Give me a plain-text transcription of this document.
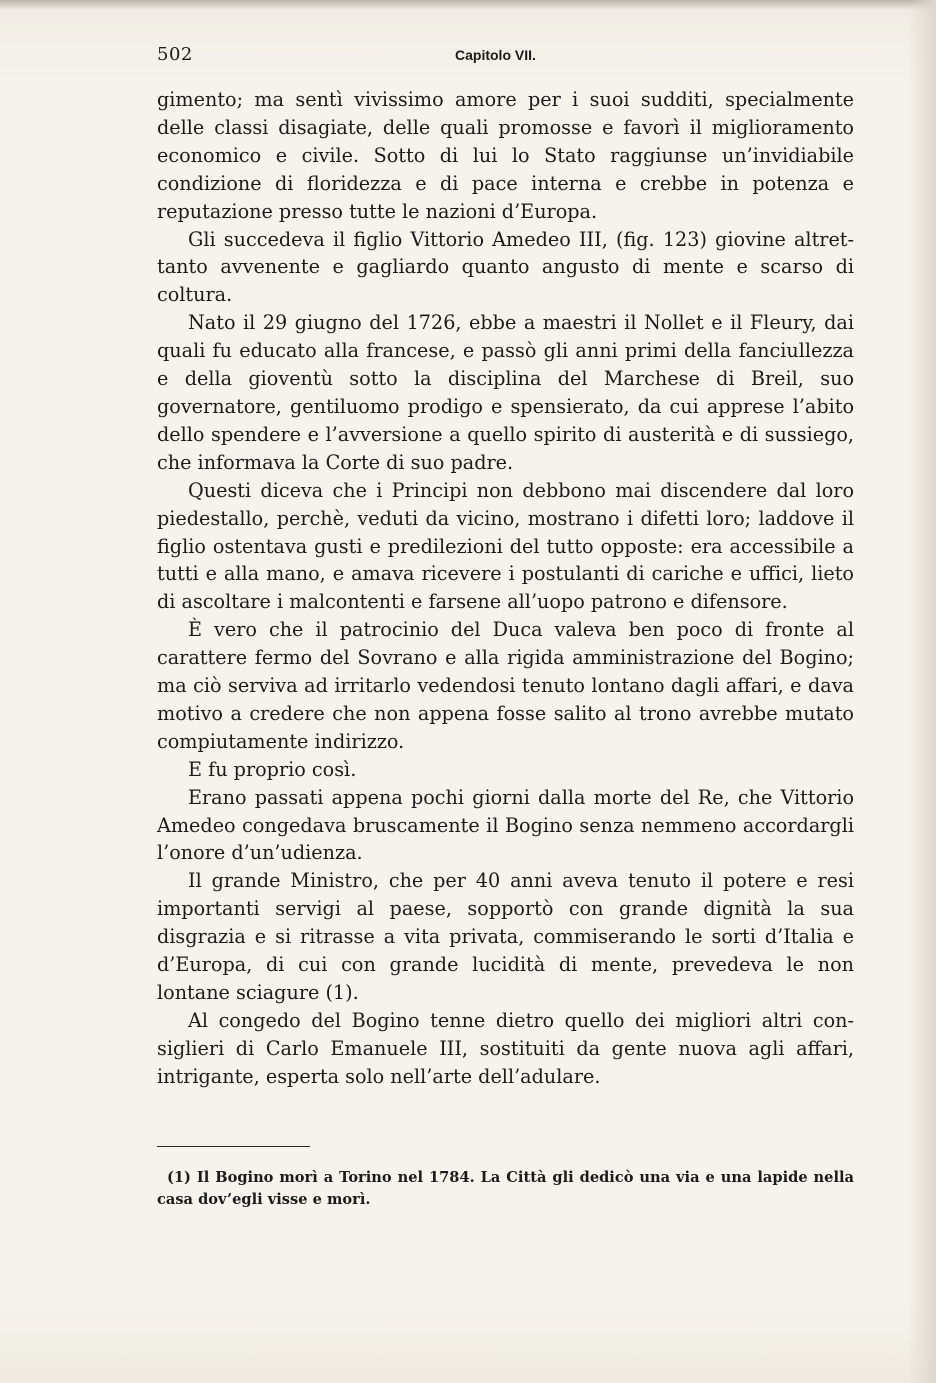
502	Capitolo VII.

gimento; ma sentì vivissimo amore per i suoi sudditi, specialmente delle classi disagiate, delle quali promosse e favorì il miglioramento economico e civile. Sotto di lui lo Stato raggiunse un’invidiabile condizione di floridezza e di pace interna e crebbe in potenza e reputazione presso tutte le nazioni d’Europa.

Gli succedeva il figlio Vittorio Amedeo III, (fig. 123) giovine altrettanto avvenente e gagliardo quanto angusto di mente e scarso di coltura.

Nato il 29 giugno del 1726, ebbe a maestri il Nollet e il Fleury, dai quali fu educato alla francese, e passò gli anni primi della fanciullezza e della gioventù sotto la disciplina del Marchese di Breil, suo governatore, gentiluomo prodigo e spensierato, da cui apprese l’abito dello spendere e l’avversione a quello spirito di austerità e di sussiego, che informava la Corte di suo padre.

Questi diceva che i Principi non debbono mai discendere dal loro piedestallo, perchè, veduti da vicino, mostrano i difetti loro; laddove il figlio ostentava gusti e predilezioni del tutto opposte: era accessibile a tutti e alla mano, e amava ricevere i postulanti di cariche e uffici, lieto di ascoltare i malcontenti e farsene all’uopo patrono e difensore.

È vero che il patrocinio del Duca valeva ben poco di fronte al carattere fermo del Sovrano e alla rigida amministrazione del Bogino; ma ciò serviva ad irritarlo vedendosi tenuto lontano dagli affari, e dava motivo a credere che non appena fosse salito al trono avrebbe mutato compiutamente indirizzo.

E fu proprio così.

Erano passati appena pochi giorni dalla morte del Re, che Vittorio Amedeo congedava bruscamente il Bogino senza nemmeno accordargli l’onore d’un’udienza.

Il grande Ministro, che per 40 anni aveva tenuto il potere e resi importanti servigi al paese, sopportò con grande dignità la sua disgrazia e si ritrasse a vita privata, commiserando le sorti d’Italia e d’Europa, di cui con grande lucidità di mente, prevedeva le non lontane sciagure (1).

Al congedo del Bogino tenne dietro quello dei migliori altri consiglieri di Carlo Emanuele III, sostituiti da gente nuova agli affari, intrigante, esperta solo nell’arte dell’adulare.

(1) Il Bogino morì a Torino nel 1784. La Città gli dedicò una via e una lapide nella casa dov’egli visse e morì.
